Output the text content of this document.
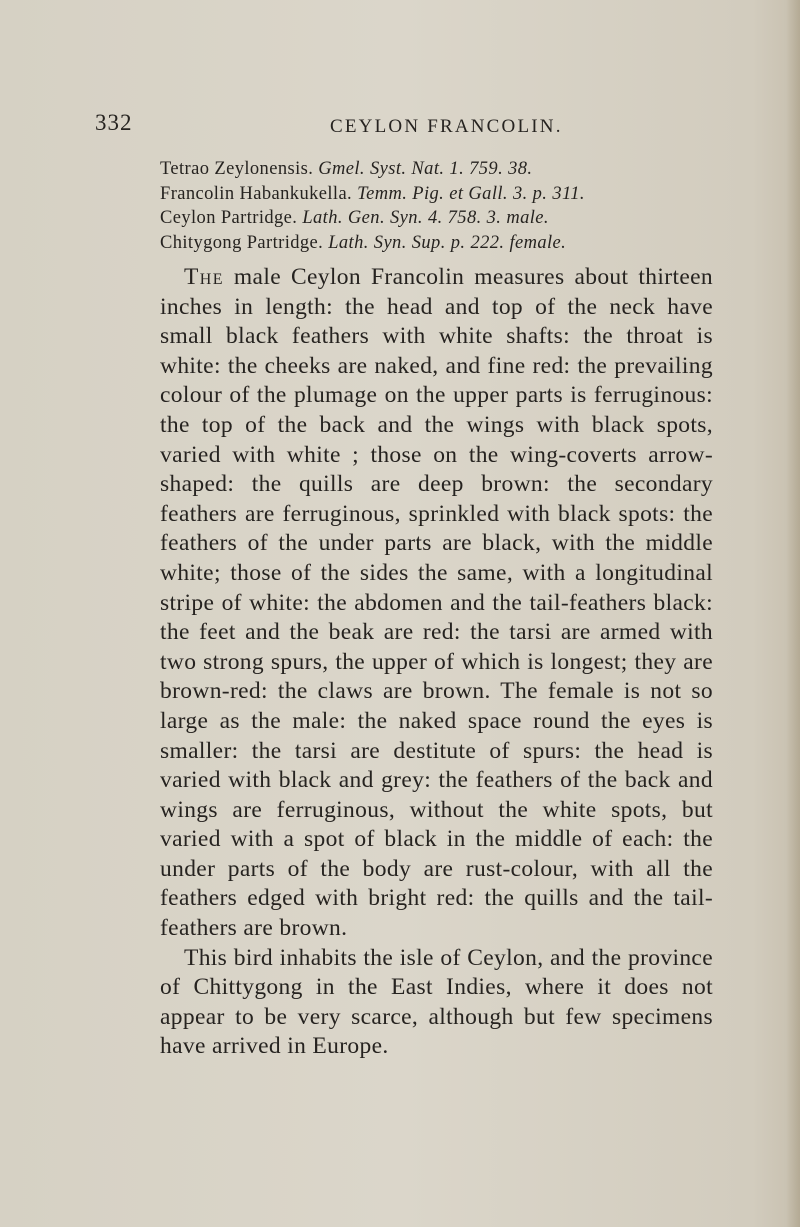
332	CEYLON FRANCOLIN.
Tetrao Zeylonensis. Gmel. Syst. Nat. 1. 759. 38.
Francolin Habankukella. Temm. Pig. et Gall. 3. p. 311.
Ceylon Partridge. Lath. Gen. Syn. 4. 758. 3. male.
Chitygong Partridge. Lath. Syn. Sup. p. 222. female.

The male Ceylon Francolin measures about thirteen inches in length: the head and top of the neck have small black feathers with white shafts: the throat is white: the cheeks are naked, and fine red: the prevailing colour of the plumage on the upper parts is ferruginous: the top of the back and the wings with black spots, varied with white ; those on the wing-coverts arrow-shaped: the quills are deep brown: the secondary feathers are ferruginous, sprinkled with black spots: the feathers of the under parts are black, with the middle white; those of the sides the same, with a longitudinal stripe of white: the abdomen and the tail-feathers black: the feet and the beak are red: the tarsi are armed with two strong spurs, the upper of which is longest; they are brown-red: the claws are brown. The female is not so large as the male: the naked space round the eyes is smaller: the tarsi are destitute of spurs: the head is varied with black and grey: the feathers of the back and wings are ferruginous, without the white spots, but varied with a spot of black in the middle of each: the under parts of the body are rust-colour, with all the feathers edged with bright red: the quills and the tail-feathers are brown.

This bird inhabits the isle of Ceylon, and the province of Chittygong in the East Indies, where it does not appear to be very scarce, although but few specimens have arrived in Europe.
